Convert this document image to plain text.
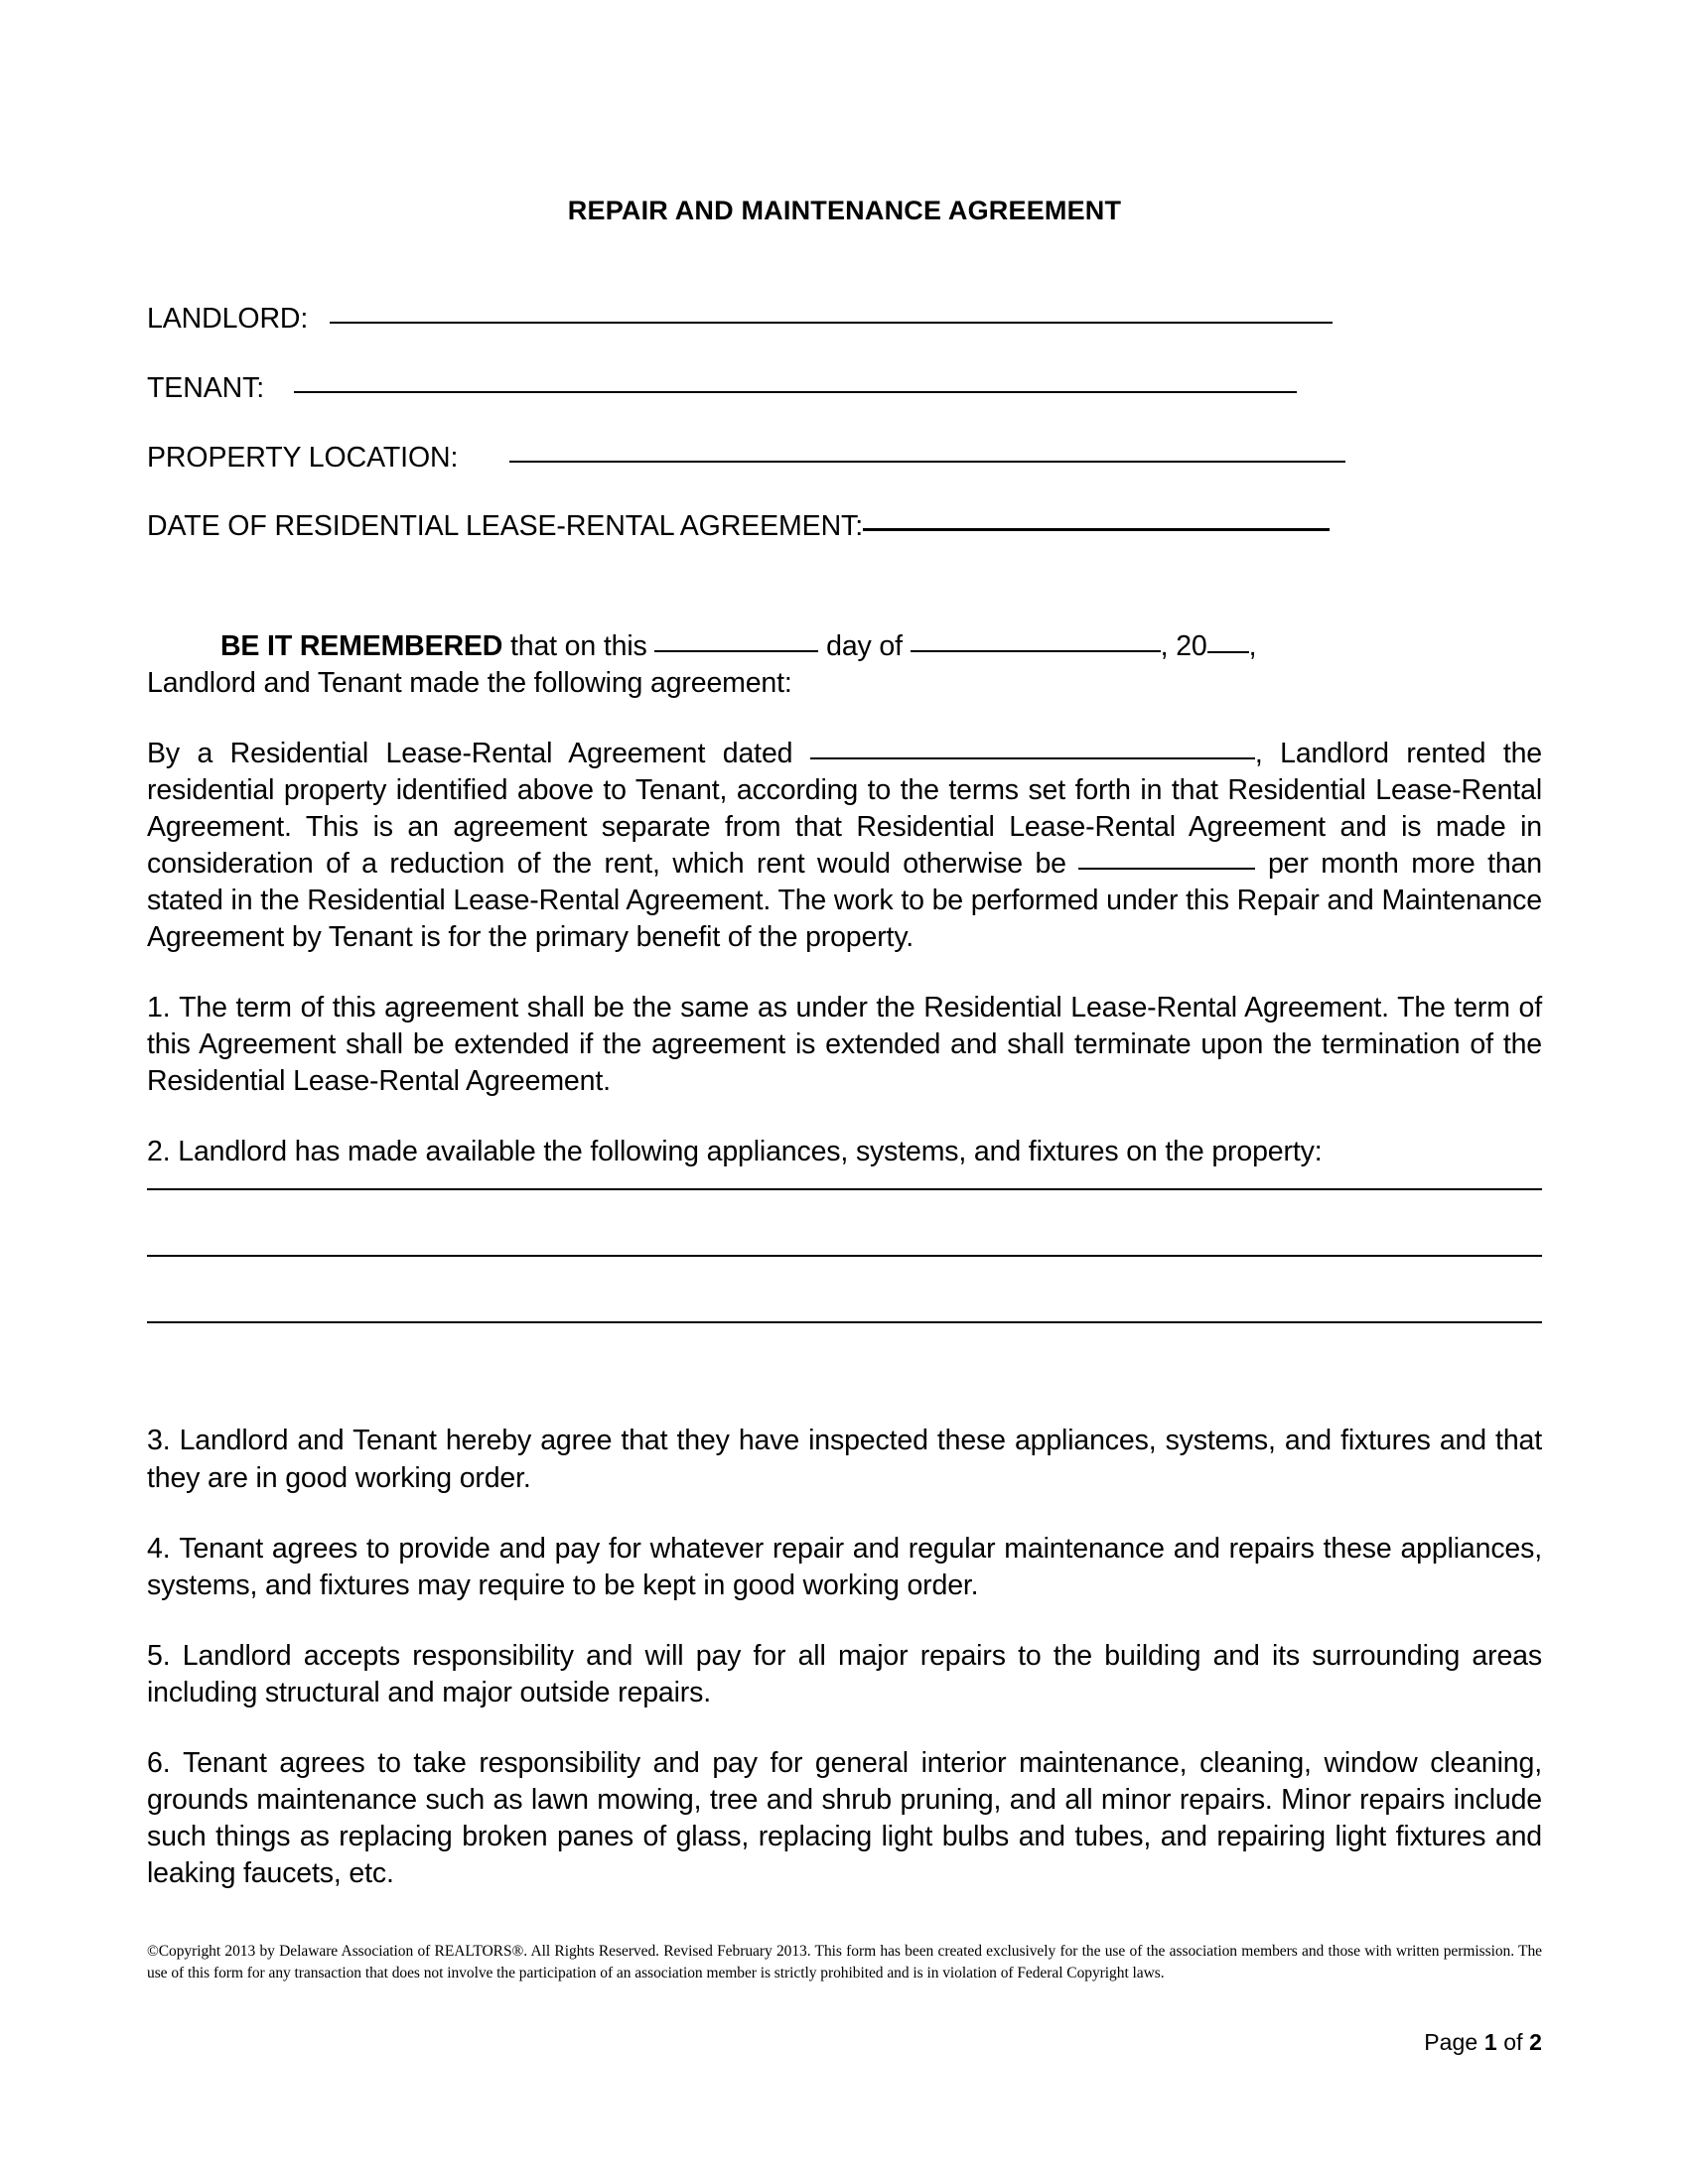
REPAIR AND MAINTENANCE AGREEMENT
LANDLORD:
TENANT:
PROPERTY LOCATION:
DATE OF RESIDENTIAL LEASE-RENTAL AGREEMENT:

BE IT REMEMBERED that on this	day of	, 20 ,
Landlord and Tenant made the following agreement:

By a Residential Lease-Rental Agreement dated	, Landlord rented the residential property identified above to Tenant, according to the terms set forth in that Residential Lease-Rental Agreement. This is an agreement separate from that Residential Lease-Rental Agreement and is made in consideration of a reduction of the rent, which rent would otherwise be	per month more than stated in the Residential Lease-Rental Agreement. The work to be performed under this Repair and Maintenance Agreement by Tenant is for the primary benefit of the property.

1. The term of this agreement shall be the same as under the Residential Lease-Rental Agreement. The term of this Agreement shall be extended if the agreement is extended and shall terminate upon the termination of the Residential Lease-Rental Agreement.

2. Landlord has made available the following appliances, systems, and fixtures on the property:

3. Landlord and Tenant hereby agree that they have inspected these appliances, systems, and fixtures and that they are in good working order.

4. Tenant agrees to provide and pay for whatever repair and regular maintenance and repairs these appliances, systems, and fixtures may require to be kept in good working order.

5. Landlord accepts responsibility and will pay for all major repairs to the building and its surrounding areas including structural and major outside repairs.

6. Tenant agrees to take responsibility and pay for general interior maintenance, cleaning, window cleaning, grounds maintenance such as lawn mowing, tree and shrub pruning, and all minor repairs. Minor repairs include such things as replacing broken panes of glass, replacing light bulbs and tubes, and repairing light fixtures and leaking faucets, etc.

©Copyright 2013 by Delaware Association of REALTORS®. All Rights Reserved. Revised February 2013. This form has been created exclusively for the use of the association members and those with written permission. The use of this form for any transaction that does not involve the participation of an association member is strictly prohibited and is in violation of Federal Copyright laws.

Page 1 of 2
